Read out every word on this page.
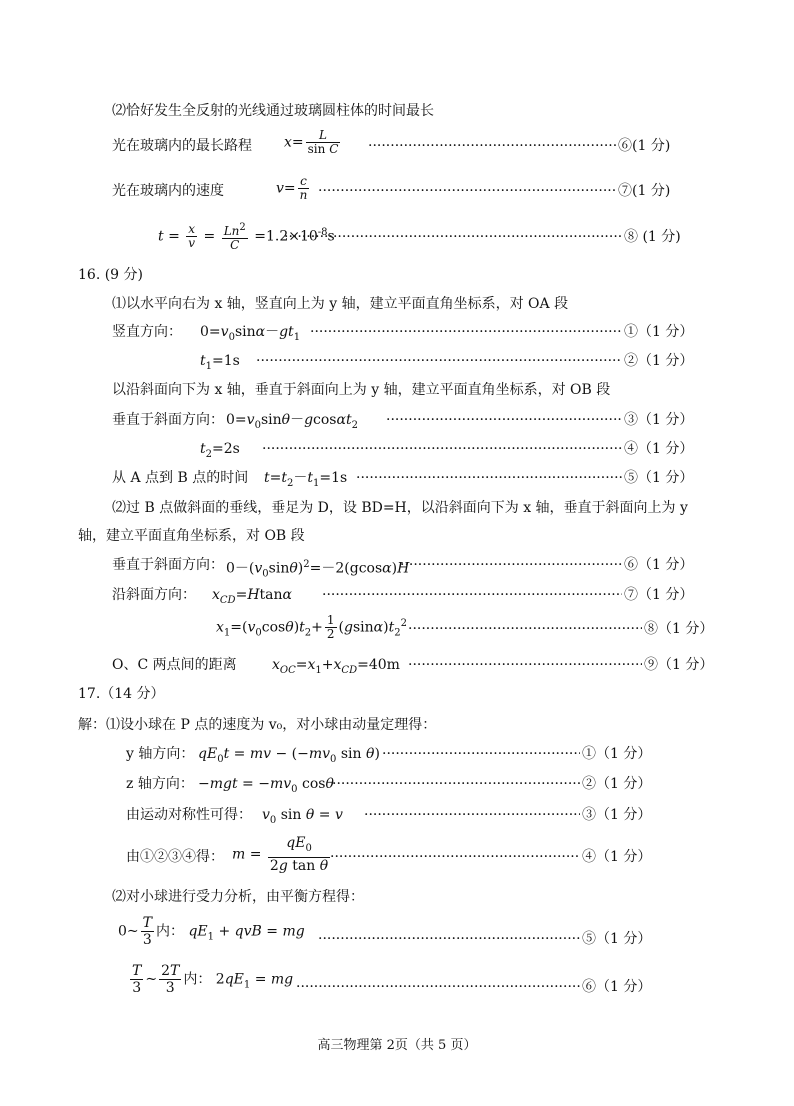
⑵恰好发生全反射的光线通过玻璃圆柱体的时间最长
光在玻璃内的最长路程 $x= \frac{L}{\text{sin C}}$ ·····	⑥(1 分)
光在玻璃内的速度	$v= \frac{c}{n}$ ·····	⑦(1 分)
$t = \frac{x}{v} = \frac{Ln^2}{C} =1.2\times 10^{-8}s$ ·····	⑧ (1 分)
16. (9 分)
⑴以水平向右为 x 轴，竖直向上为 y 轴，建立平面直角坐标系，对 OA 段
竖直方向： $0=v_0\sin\alpha-gt_1$ ·····	①（1 分）
$t_1=1s$ ·····	②（1 分）
以沿斜面向下为 x 轴，垂直于斜面向上为 y 轴，建立平面直角坐标系，对 OB 段
垂直于斜面方向： $0=v_0\sin\theta-gcos\alpha t_2$ ·····	③（1 分）
$t_2=2s$ ·····	④（1 分）
从 A 点到 B 点的时间 $t=t_2-t_1=1s$ ·····	⑤（1 分）
⑵过 B 点做斜面的垂线，垂足为 D，设 BD=H，以沿斜面向下为 x 轴，垂直于斜面向上为 y
轴，建立平面直角坐标系，对 OB 段
垂直于斜面方向： $0-(v_0\sin\theta)^2=-2(gcos\alpha)H$ ·····	⑥（1 分）
沿斜面方向： $x_{CD}=Htan\alpha$ ·····	⑦（1 分）
$x_1=(v_0\cos\theta)t_2+ \frac{1}{2} (gsin\alpha)t_2^2$ ·····	⑧（1 分）
O、C 两点间的距离	$x_{OC}=x_1+x_{CD}=40m$ ·····	⑨（1 分）
17.（14 分）
解：⑴设小球在 P 点的速度为 v₀，对小球由动量定理得：
y 轴方向： $qE_0t$ = mv − ($-mv_0$ sin θ) ·····	①（1 分）
z 轴方向： $-mgt = -mv_0$ cosθ ·····	②（1 分）
由运动对称性可得： $v_0$ sin θ = v ·····	③（1 分）
由①②③④得： $m = \frac{qE_0}{\text{2g tan θ}}$ ·····	④（1 分）
⑵对小球进行受力分析，由平衡方程得：
0~ $\frac{T}{3}$ 内： $qE_1$ + qvB = mg ·····	⑤（1 分）
$\frac{T}{3}$ ~ $\frac{2T}{3}$ 内： $2qE_1$ = mg ·····	⑥（1 分）
高三物理第 2页（共 5 页）
